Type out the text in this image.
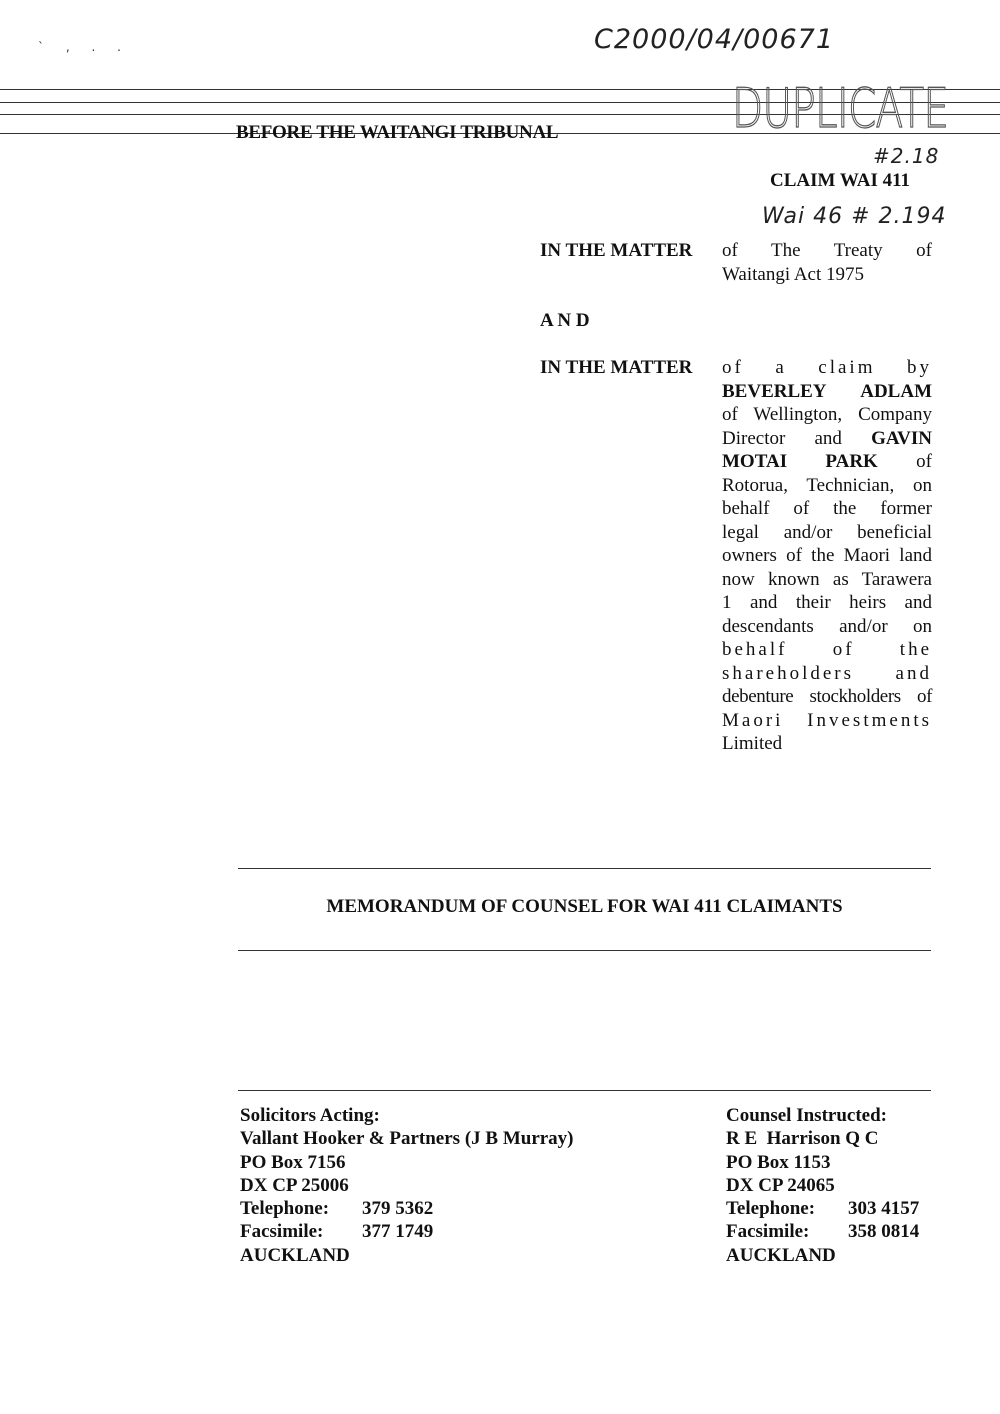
C2000/04/00671
ˋ , . .
DUPLICATE
BEFORE THE WAITANGI TRIBUNAL
#2.18
CLAIM WAI 411
Wai 46 # 2.194
IN THE MATTER of The Treaty of

Waitangi Act 1975

A N D
IN THE MATTER of a claim by

BEVERLEY ADLAM

of Wellington, Company

Director and GAVIN

MOTAI PARK of

Rotorua, Technician, on

behalf of the former

legal and/or beneficial

owners of the Maori land

now known as Tarawera

1 and their heirs and

descendants and/or on

behalf of the

shareholders and

debenture stockholders of

Maori Investments

Limited

MEMORANDUM OF COUNSEL FOR WAI 411 CLAIMANTS
Solicitors Acting:
Vallant Hooker & Partners (J B Murray)
PO Box 7156
DX CP 25006
Telephone: 379 5362
Facsimile: 377 1749
AUCKLAND
Counsel Instructed:
R E  Harrison Q C
PO Box 1153
DX CP 24065
Telephone: 303 4157
Facsimile: 358 0814
AUCKLAND
